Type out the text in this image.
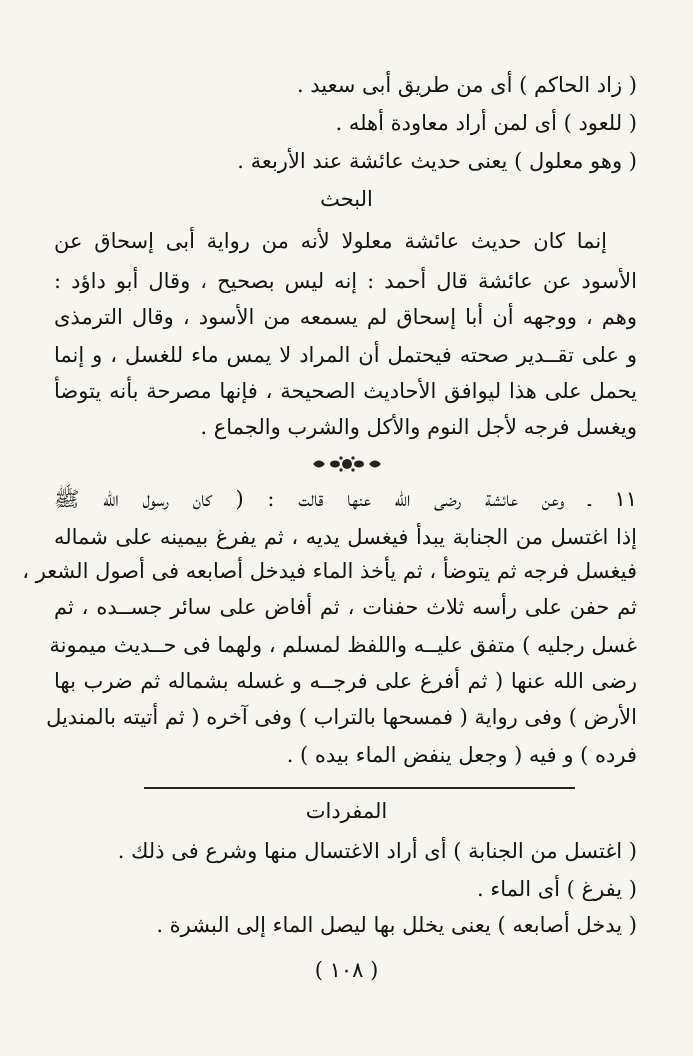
( زاد الحاكم ) أى من طريق أبى سعيد .
( للعود ) أى لمن أراد معاودة أهله .
( وهو معلول ) يعنى حديث عائشة عند الأربعة .
البحث
إنما كان حديث عائشة معلولا لأنه من رواية أبى إسحاق عن
الأسود عن عائشة قال أحمد : إنه ليس بصحيح ، وقال أبو داؤد :
وهم ، ووجهه أن أبا إسحاق لم يسمعه من الأسود ، وقال الترمذى
و على تقــدير صحته فيحتمل أن المراد لا يمس ماء للغسل ، و إنما
يحمل على هذا ليوافق الأحاديث الصحيحة ، فإنها مصرحة بأنه يتوضأ
ويغسل فرجه لأجل النوم والأكل والشرب والجماع .
١١ ـ وعن عائشة رضى الله عنها قالت : ( كان رسول الله ﷺ
إذا اغتسل من الجنابة يبدأ فيغسل يديه ، ثم يفرغ بيمينه على شماله
فيغسل فرجه ثم يتوضأ ، ثم يأخذ الماء فيدخل أصابعه فى أصول الشعر ،
ثم حفن على رأسه ثلاث حفنات ، ثم أفاض على سائر جســده ، ثم
غسل رجليه ) متفق عليــه واللفظ لمسلم ، ولهما فى حــديث ميمونة
رضى الله عنها ( ثم أفرغ على فرجــه و غسله بشماله ثم ضرب بها
الأرض ) وفى رواية ( فمسحها بالتراب ) وفى آخره ( ثم أتيته بالمنديل
فرده ) و فيه ( وجعل ينفض الماء بيده ) .
المفردات
( اغتسل من الجنابة ) أى أراد الاغتسال منها وشرع فى ذلك .
( يفرغ ) أى الماء .
( يدخل أصابعه ) يعنى يخلل بها ليصل الماء إلى البشرة .
( ١٠٨ )
